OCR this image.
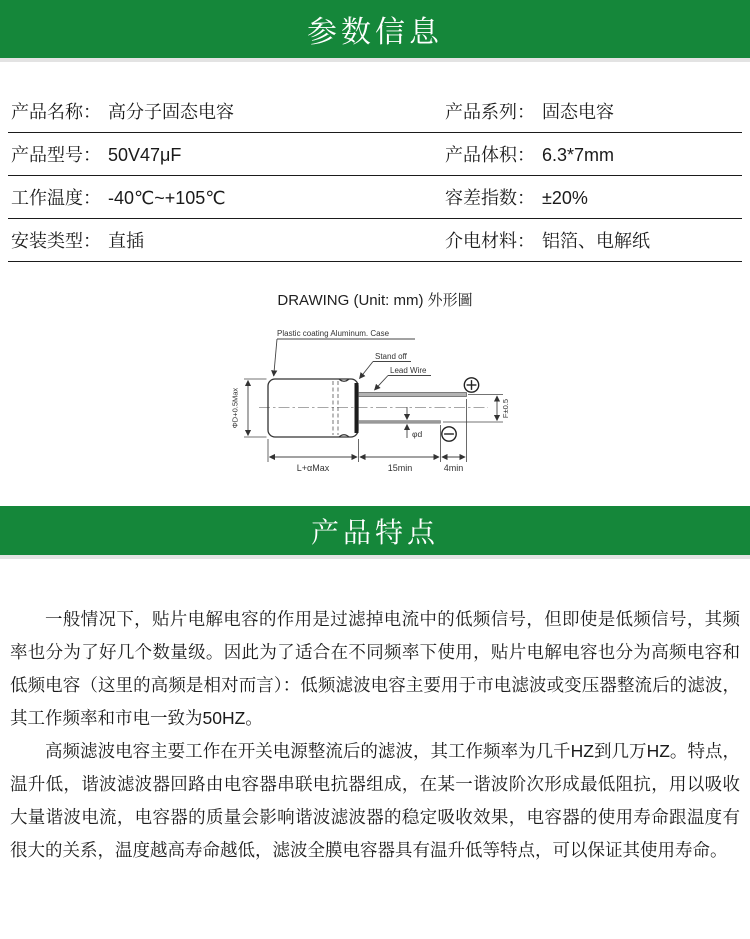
参数信息
产品名称： 高分子固态电容	产品系列： 固态电容
产品型号： 50V47μF	产品体积： 6.3*7mm
工作温度： -40℃~+105℃	容差指数： ±20%
安装类型： 直插	介电材料： 铝箔、电解纸
DRAWING (Unit: mm) 外形圖
Plastic coating Aluminum. Case
Stand off
Lead Wire
ΦD+0.5Max
L+αMax	15min	4min
F±0.5
φd
产品特点

一般情况下，贴片电解电容的作用是过滤掉电流中的低频信号，但即使是低频信号，其频率也分为了好几个数量级。因此为了适合在不同频率下使用，贴片电解电容也分为高频电容和低频电容（这里的高频是相对而言）：低频滤波电容主要用于市电滤波或变压器整流后的滤波，其工作频率和市电一致为50HZ。

高频滤波电容主要工作在开关电源整流后的滤波，其工作频率为几千HZ到几万HZ。特点，温升低，谐波滤波器回路由电容器串联电抗器组成，在某一谐波阶次形成最低阻抗，用以吸收大量谐波电流，电容器的质量会影响谐波滤波器的稳定吸收效果，电容器的使用寿命跟温度有很大的关系，温度越高寿命越低，滤波全膜电容器具有温升低等特点，可以保证其使用寿命。
